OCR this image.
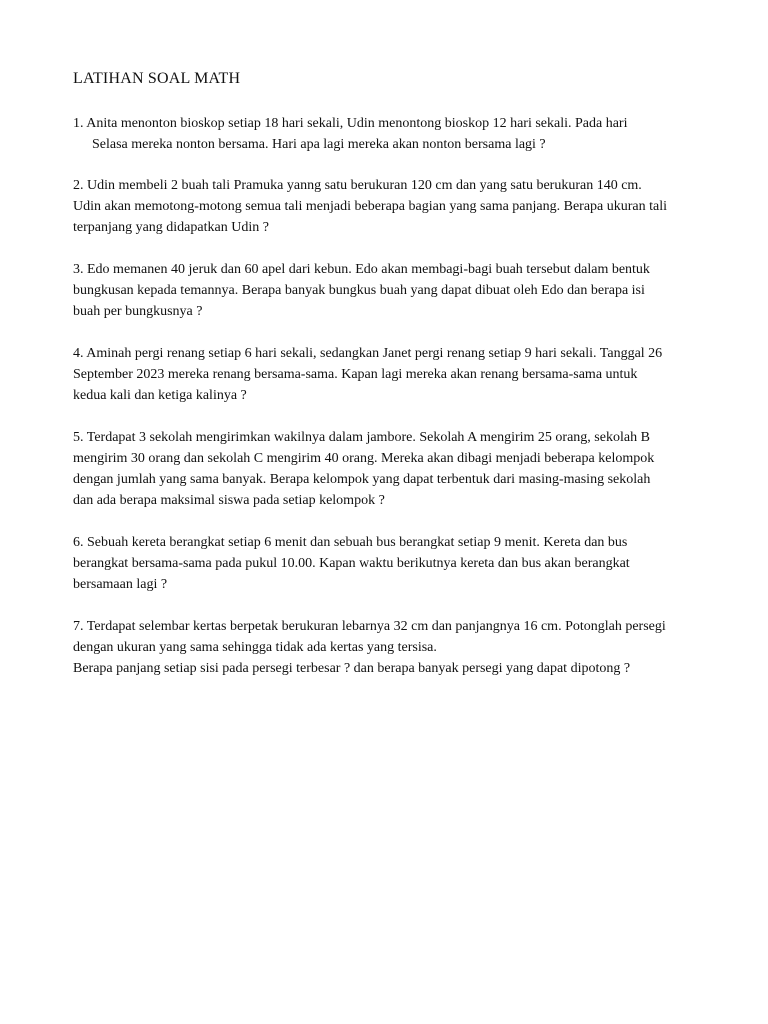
LATIHAN SOAL MATH
1. Anita menonton bioskop setiap 18 hari sekali, Udin menontong bioskop 12 hari sekali. Pada hari
Selasa mereka nonton bersama. Hari apa lagi mereka akan nonton bersama lagi ?
2. Udin membeli 2 buah tali Pramuka yanng satu berukuran 120 cm dan yang satu berukuran 140 cm.
Udin akan memotong-motong semua tali menjadi beberapa bagian yang sama panjang. Berapa ukuran tali
terpanjang yang didapatkan Udin ?
3. Edo memanen 40 jeruk dan 60 apel dari kebun. Edo akan membagi-bagi buah tersebut dalam bentuk
bungkusan kepada temannya. Berapa banyak bungkus buah yang dapat dibuat oleh Edo dan berapa isi
buah per bungkusnya ?
4. Aminah pergi renang setiap 6 hari sekali, sedangkan Janet pergi renang setiap 9 hari sekali. Tanggal 26
September 2023 mereka renang bersama-sama. Kapan lagi mereka akan renang bersama-sama untuk
kedua kali dan ketiga kalinya ?
5. Terdapat 3 sekolah mengirimkan wakilnya dalam jambore. Sekolah A mengirim 25 orang, sekolah B
mengirim 30 orang dan sekolah C mengirim 40 orang. Mereka akan dibagi menjadi beberapa kelompok
dengan jumlah yang sama banyak. Berapa kelompok yang dapat terbentuk dari masing-masing sekolah
dan ada berapa maksimal siswa pada setiap kelompok ?
6. Sebuah kereta berangkat setiap 6 menit dan sebuah bus berangkat setiap 9 menit. Kereta dan bus
berangkat bersama-sama pada pukul 10.00. Kapan waktu berikutnya kereta dan bus akan berangkat
bersamaan lagi ?
7. Terdapat selembar kertas berpetak berukuran lebarnya 32 cm dan panjangnya 16 cm. Potonglah persegi
dengan ukuran yang sama sehingga tidak ada kertas yang tersisa.
Berapa panjang setiap sisi pada persegi terbesar ? dan berapa banyak persegi yang dapat dipotong ?
